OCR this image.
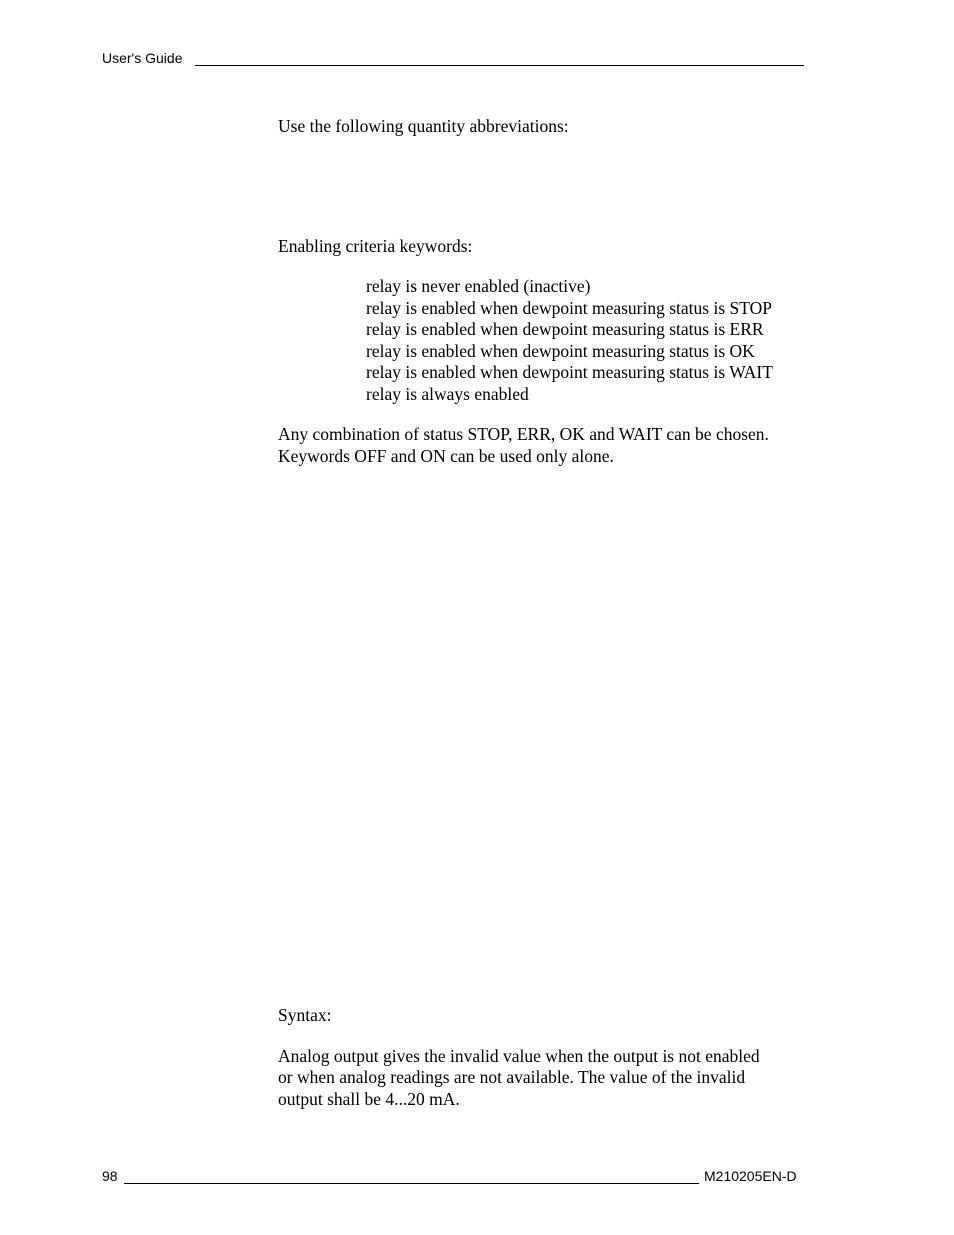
User's Guide
Use the following quantity abbreviations:
Enabling criteria keywords:
relay is never enabled (inactive)
relay is enabled when dewpoint measuring status is STOP
relay is enabled when dewpoint measuring status is ERR
relay is enabled when dewpoint measuring status is OK
relay is enabled when dewpoint measuring status is WAIT
relay is always enabled
Any combination of status STOP, ERR, OK and WAIT can be chosen.
Keywords OFF and ON can be used only alone.
Syntax:
Analog output gives the invalid value when the output is not enabled
or when analog readings are not available. The value of the invalid
output shall be 4...20 mA.
98	M210205EN-D
